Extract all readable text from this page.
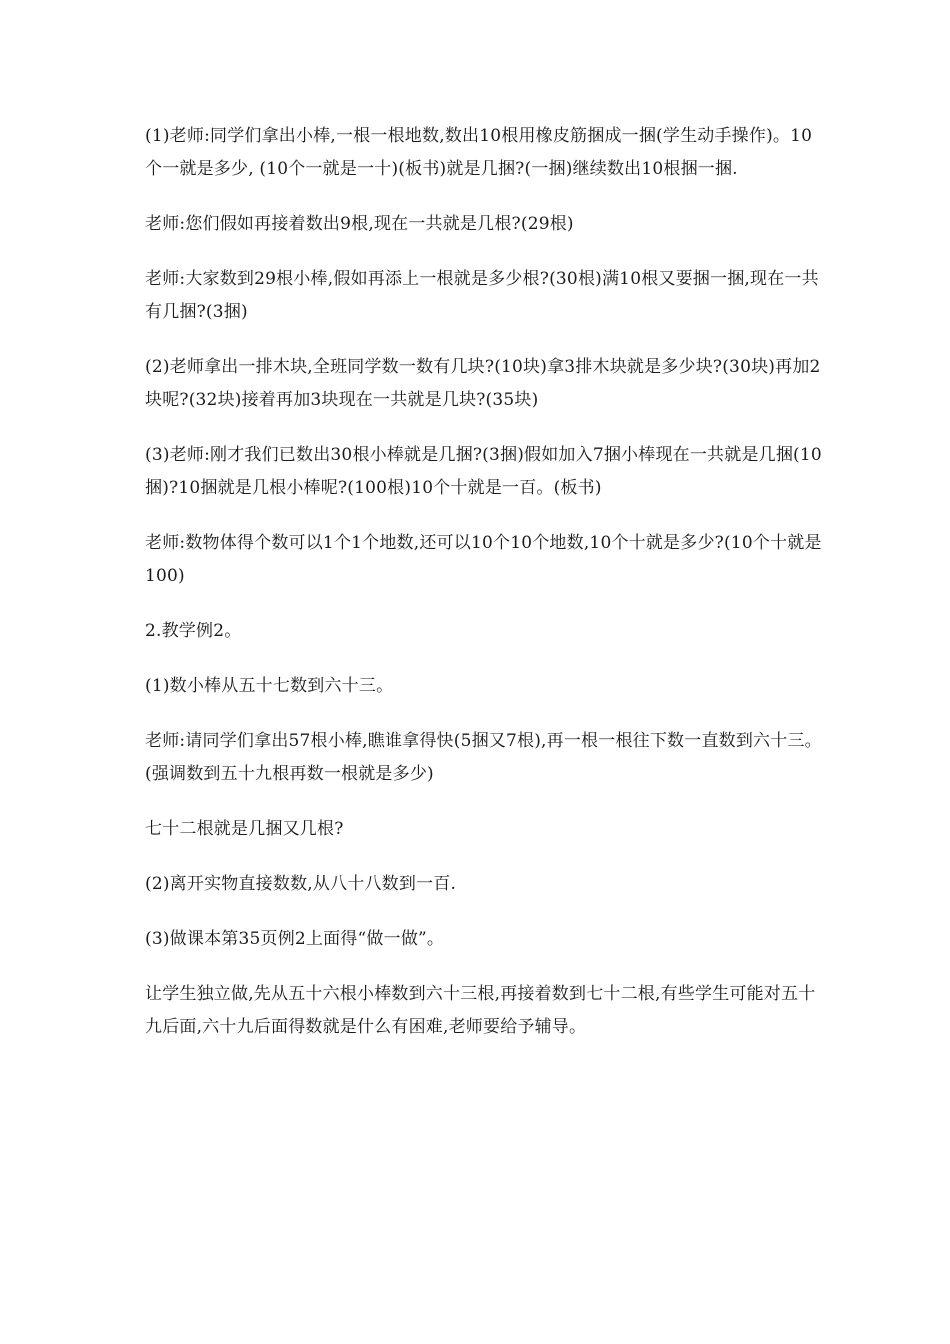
(1)老师:同学们拿出小棒,一根一根地数,数出10根用橡皮筋捆成一捆(学生动手操作)。10个一就是多少, (10个一就是一十)(板书)就是几捆?(一捆)继续数出10根捆一捆.

老师:您们假如再接着数出9根,现在一共就是几根?(29根)

老师:大家数到29根小棒,假如再添上一根就是多少根?(30根)满10根又要捆一捆,现在一共有几捆?(3捆)

(2)老师拿出一排木块,全班同学数一数有几块?(10块)拿3排木块就是多少块?(30块)再加2块呢?(32块)接着再加3块现在一共就是几块?(35块)

(3)老师:刚才我们已数出30根小棒就是几捆?(3捆)假如加入7捆小棒现在一共就是几捆(10捆)?10捆就是几根小棒呢?(100根)10个十就是一百。(板书)

老师:数物体得个数可以1个1个地数,还可以10个10个地数,10个十就是多少?(10个十就是100)

2.教学例2。

(1)数小棒从五十七数到六十三。

老师:请同学们拿出57根小棒,瞧谁拿得快(5捆又7根),再一根一根往下数一直数到六十三。(强调数到五十九根再数一根就是多少)

七十二根就是几捆又几根?

(2)离开实物直接数数,从八十八数到一百.

(3)做课本第35页例2上面得“做一做”。

让学生独立做,先从五十六根小棒数到六十三根,再接着数到七十二根,有些学生可能对五十九后面,六十九后面得数就是什么有困难,老师要给予辅导。
